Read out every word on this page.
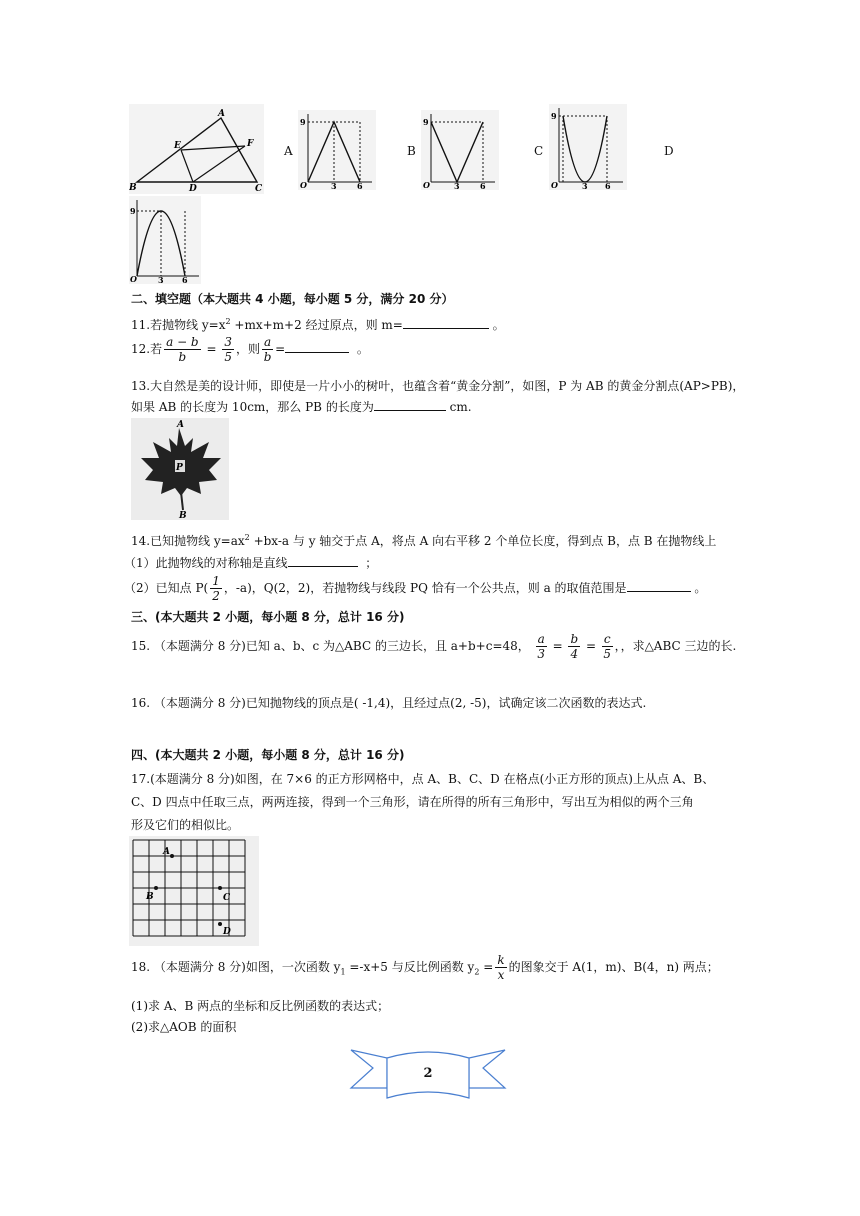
A
E	F
B	D	C
A
9
O	3	6
B
9
O	3	6
C
9
O	3 6
D
9
O	3 6
二、填空题（本大题共 4 小题，每小题 5 分，满分 20 分）
11.若抛物线 $y=x^2 +mx+m+2$ 经过原点，则 m=	。
12.若 $\frac{a - b}{b} = \frac{3}{5}$ ，则 $\frac{a}{b}$ =	。
13.大自然是美的设计师，即使是一片小小的树叶，也蕴含着“黄金分割”，如图，P 为 AB 的黄金分割点(AP>PB)，
如果 AB 的长度为 10cm，那么 PB 的长度为	cm.
A
P
B
14.已知抛物线 $y=ax^2 +bx-a$ 与 y 轴交于点 A，将点 A 向右平移 2 个单位长度，得到点 B，点 B 在抛物线上
（1）此抛物线的对称轴是直线	；
（2）已知点 $P( \frac{1}{2}$ ，-a)，Q(2，2)，若抛物线与线段 PQ 恰有一个公共点，则 a 的取值范围是	。
三、(本大题共 2 小题，每小题 8 分，总计 16 分)
15. （本题满分 8 分)已知 a、b、c 为△ABC 的三边长，且 a+b+c=48， $\frac{a}{3} = \frac{b}{4} = \frac{c}{5}$ ，，求△ABC 三边的长.
16. （本题满分 8 分)已知抛物线的顶点是( -1,4)，且经过点(2, -5)，试确定该二次函数的表达式.
四、(本大题共 2 小题，每小题 8 分，总计 16 分)
17.(本题满分 8 分)如图，在 7×6 的正方形网格中，点 A、B、C、D 在格点(小正方形的顶点)上从点 A、B、
C、D 四点中任取三点，两两连接，得到一个三角形，请在所得的所有三角形中，写出互为相似的两个三角
形及它们的相似比。
A
B	C
D
18. （本题满分 8 分)如图，一次函数 $y_1 =-x+5$ 与反比例函数 $y_2 = \frac{k}{x}$ 的图象交于 A(1，m)、B(4，n) 两点；
(1)求 A、B 两点的坐标和反比例函数的表达式；
(2)求△AOB 的面积
2
